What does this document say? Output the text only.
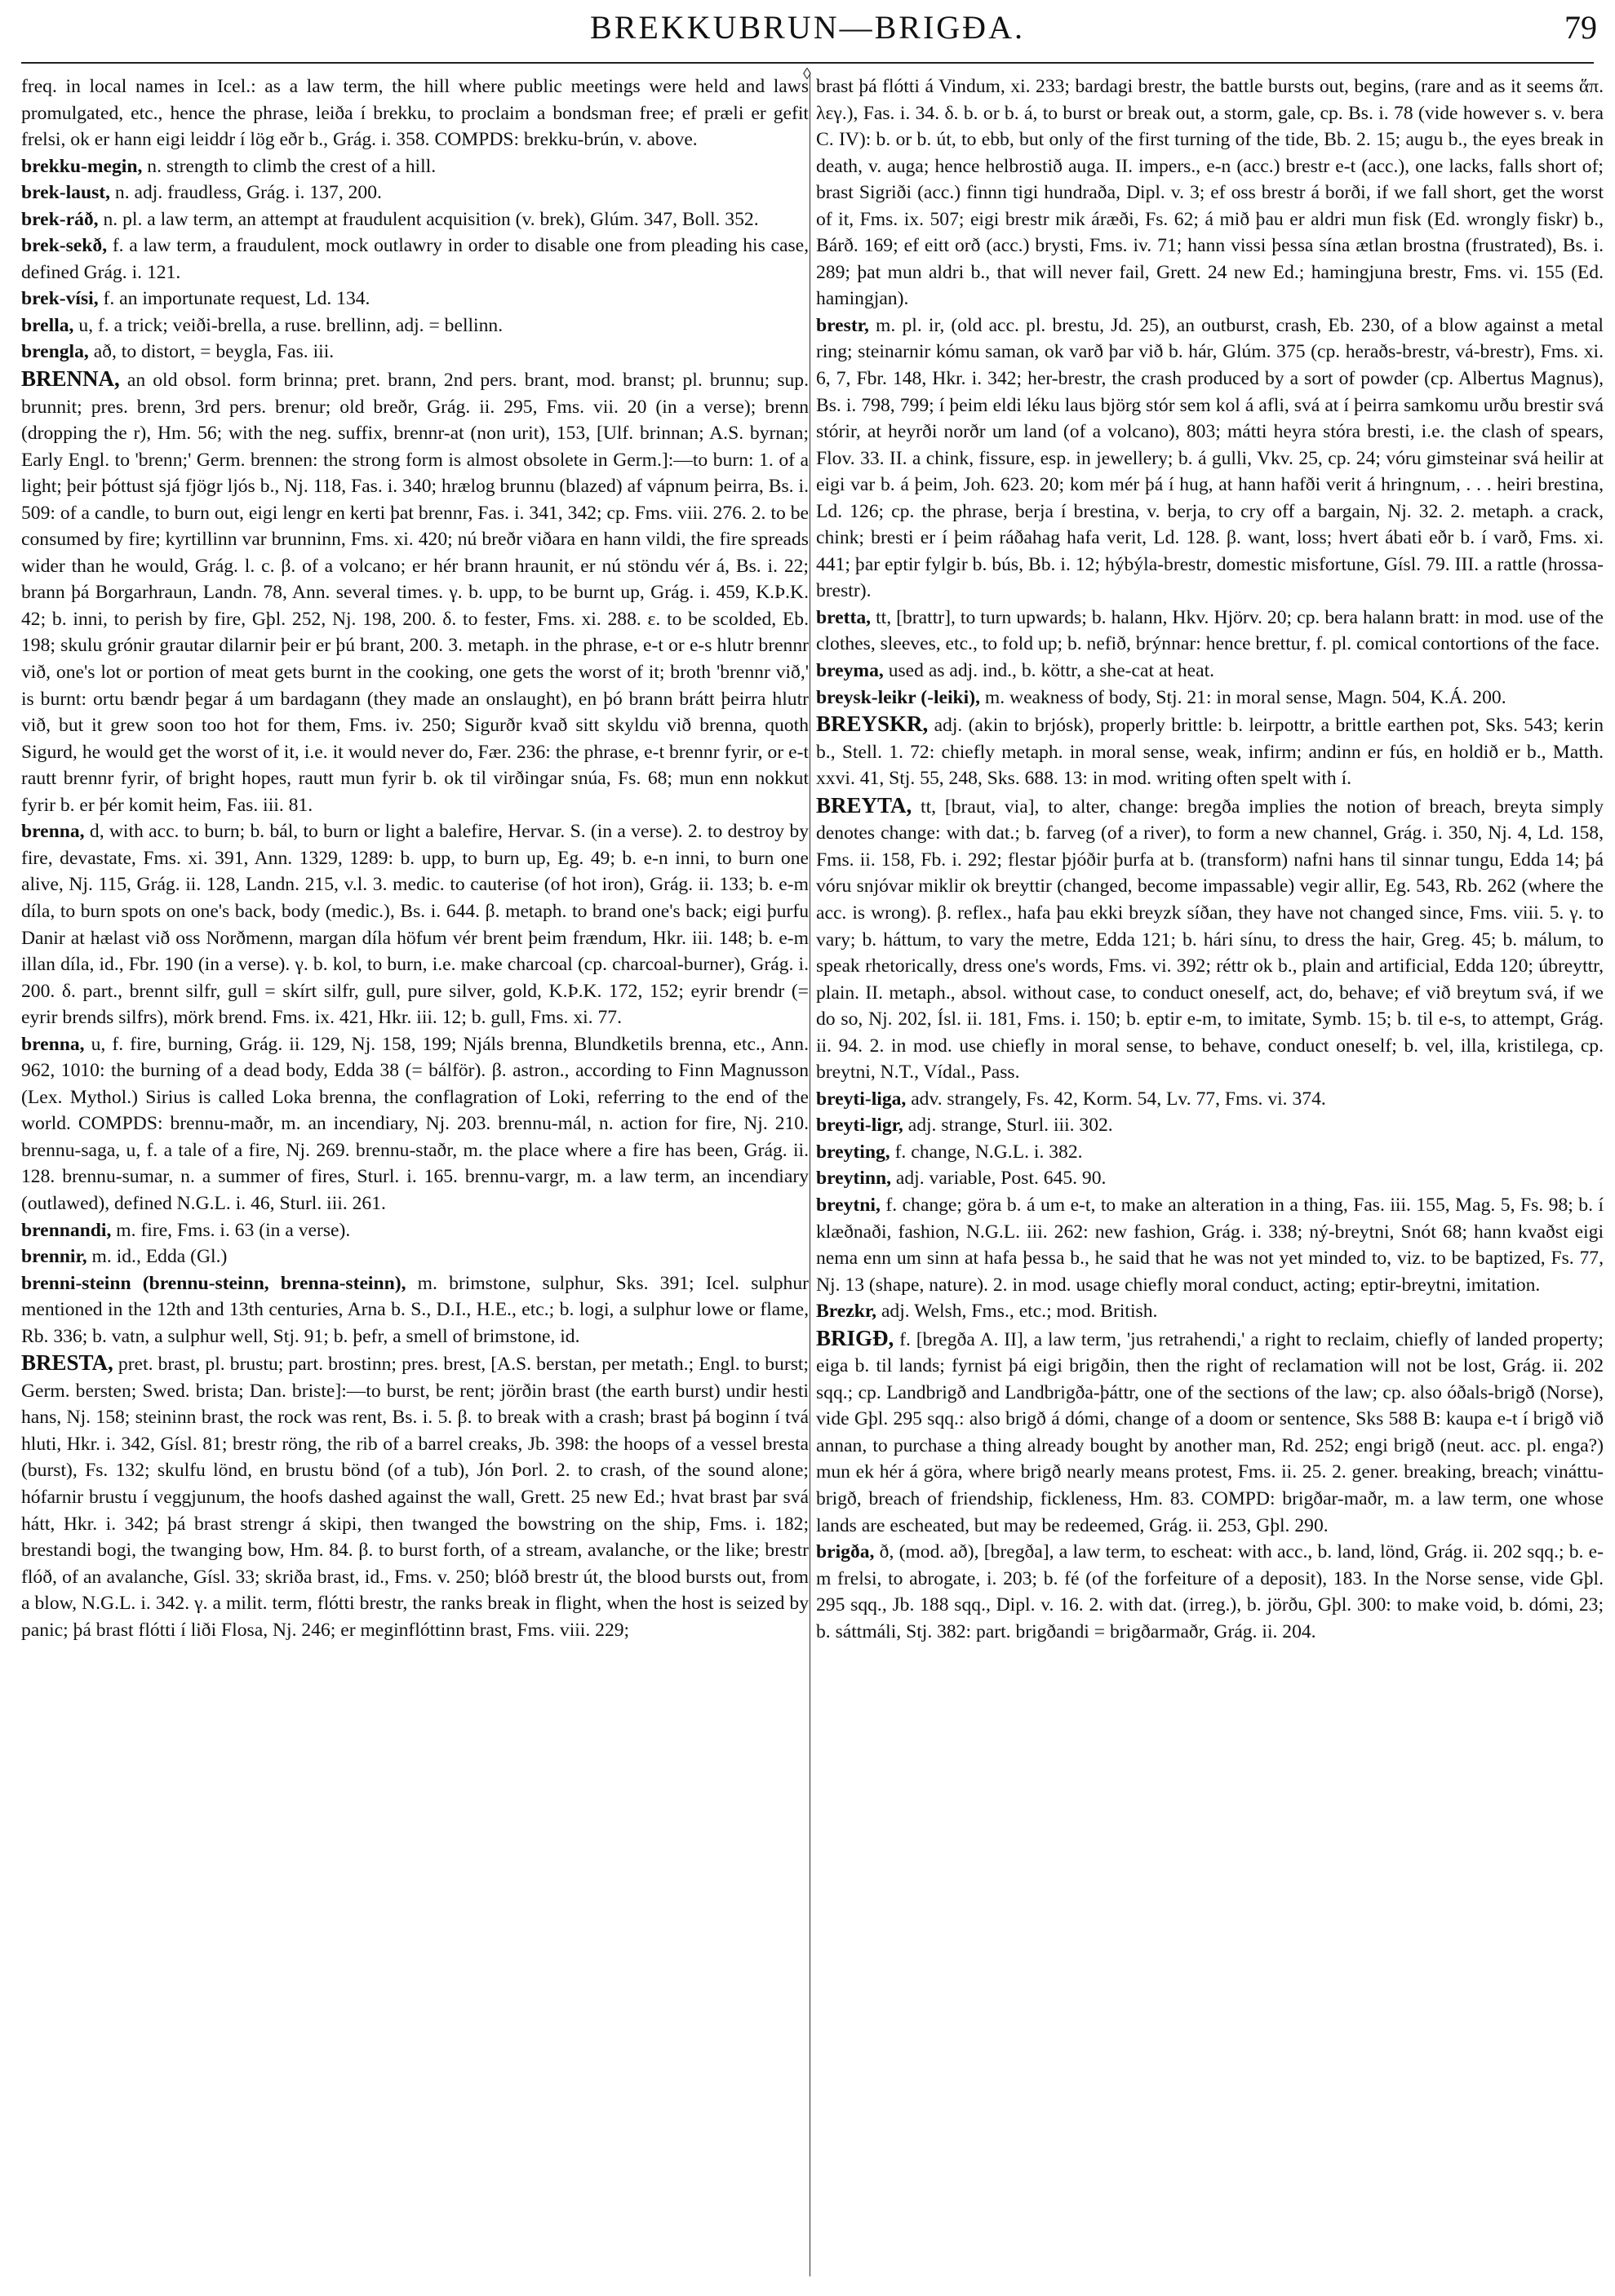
BREKKUBRUN—BRIGÐA.	79

freq. in local names in Icel.: as a law term, the hill where public meetings were held and laws promulgated, etc., hence the phrase, leiða í brekku, to proclaim a bondsman free; ef præli er gefit frelsi, ok er hann eigi leiddr í lög eðr b., Grág. i. 358. COMPDS: brekku-brún, v. above.

brekku-megin, n. strength to climb the crest of a hill.

brek-laust, n. adj. fraudless, Grág. i. 137, 200.

brek-ráð, n. pl. a law term, an attempt at fraudulent acquisition (v. brek), Glúm. 347, Boll. 352.

brek-sekð, f. a law term, a fraudulent, mock outlawry in order to disable one from pleading his case, defined Grág. i. 121.

brek-vísi, f. an importunate request, Ld. 134.

brella, u, f. a trick; veiði-brella, a ruse. brellinn, adj. = bellinn.

brengla, að, to distort, = beygla, Fas. iii.

BRENNA, an old obsol. form brinna; pret. brann, 2nd pers. brant, mod. branst; pl. brunnu; sup. brunnit; pres. brenn, 3rd pers. brenur; old breðr, Grág. ii. 295, Fms. vii. 20 (in a verse); brenn (dropping the r), Hm. 56; with the neg. suffix, brennr-at (non urit), 153, [Ulf. brinnan; A.S. byrnan; Early Engl. to 'brenn;' Germ. brennen: the strong form is almost obsolete in Germ.]:—to burn: 1. of a light; þeir þóttust sjá fjögr ljós b., Nj. 118, Fas. i. 340; hrælog brunnu (blazed) af vápnum þeirra, Bs. i. 509: of a candle, to burn out, eigi lengr en kerti þat brennr, Fas. i. 341, 342; cp. Fms. viii. 276. 2. to be consumed by fire; kyrtillinn var brunninn, Fms. xi. 420; nú breðr viðara en hann vildi, the fire spreads wider than he would, Grág. l. c. β. of a volcano; er hér brann hraunit, er nú stöndu vér á, Bs. i. 22; brann þá Borgarhraun, Landn. 78, Ann. several times. γ. b. upp, to be burnt up, Grág. i. 459, K.Þ.K. 42; b. inni, to perish by fire, Gþl. 252, Nj. 198, 200. δ. to fester, Fms. xi. 288. ε. to be scolded, Eb. 198; skulu grónir grautar dilarnir þeir er þú brant, 200. 3. metaph. in the phrase, e-t or e-s hlutr brennr við, one's lot or portion of meat gets burnt in the cooking, one gets the worst of it; broth 'brennr við,' is burnt: ortu bændr þegar á um bardagann (they made an onslaught), en þó brann brátt þeirra hlutr við, but it grew soon too hot for them, Fms. iv. 250; Sigurðr kvað sitt skyldu við brenna, quoth Sigurd, he would get the worst of it, i.e. it would never do, Fær. 236: the phrase, e-t brennr fyrir, or e-t rautt brennr fyrir, of bright hopes, rautt mun fyrir b. ok til virðingar snúa, Fs. 68; mun enn nokkut fyrir b. er þér komit heim, Fas. iii. 81.

brenna, d, with acc. to burn; b. bál, to burn or light a balefire, Hervar. S. (in a verse). 2. to destroy by fire, devastate, Fms. xi. 391, Ann. 1329, 1289: b. upp, to burn up, Eg. 49; b. e-n inni, to burn one alive, Nj. 115, Grág. ii. 128, Landn. 215, v.l. 3. medic. to cauterise (of hot iron), Grág. ii. 133; b. e-m díla, to burn spots on one's back, body (medic.), Bs. i. 644. β. metaph. to brand one's back; eigi þurfu Danir at hælast við oss Norðmenn, margan díla höfum vér brent þeim frændum, Hkr. iii. 148; b. e-m illan díla, id., Fbr. 190 (in a verse). γ. b. kol, to burn, i.e. make charcoal (cp. charcoal-burner), Grág. i. 200. δ. part., brennt silfr, gull = skírt silfr, gull, pure silver, gold, K.Þ.K. 172, 152; eyrir brendr (= eyrir brends silfrs), mörk brend. Fms. ix. 421, Hkr. iii. 12; b. gull, Fms. xi. 77.

brenna, u, f. fire, burning, Grág. ii. 129, Nj. 158, 199; Njáls brenna, Blundketils brenna, etc., Ann. 962, 1010: the burning of a dead body, Edda 38 (= bálför). β. astron., according to Finn Magnusson (Lex. Mythol.) Sirius is called Loka brenna, the conflagration of Loki, referring to the end of the world. COMPDS: brennu-maðr, m. an incendiary, Nj. 203. brennu-mál, n. action for fire, Nj. 210. brennu-saga, u, f. a tale of a fire, Nj. 269. brennu-staðr, m. the place where a fire has been, Grág. ii. 128. brennu-sumar, n. a summer of fires, Sturl. i. 165. brennu-vargr, m. a law term, an incendiary (outlawed), defined N.G.L. i. 46, Sturl. iii. 261.

brennandi, m. fire, Fms. i. 63 (in a verse).

brennir, m. id., Edda (Gl.)

brenni-steinn (brennu-steinn, brenna-steinn), m. brimstone, sulphur, Sks. 391; Icel. sulphur mentioned in the 12th and 13th centuries, Arna b. S., D.I., H.E., etc.; b. logi, a sulphur lowe or flame, Rb. 336; b. vatn, a sulphur well, Stj. 91; b. þefr, a smell of brimstone, id.

BRESTA, pret. brast, pl. brustu; part. brostinn; pres. brest, [A.S. berstan, per metath.; Engl. to burst; Germ. bersten; Swed. brista; Dan. briste]:—to burst, be rent; jörðin brast (the earth burst) undir hesti hans, Nj. 158; steininn brast, the rock was rent, Bs. i. 5. β. to break with a crash; brast þá boginn í tvá hluti, Hkr. i. 342, Gísl. 81; brestr röng, the rib of a barrel creaks, Jb. 398: the hoops of a vessel bresta (burst), Fs. 132; skulfu lönd, en brustu bönd (of a tub), Jón Þorl. 2. to crash, of the sound alone; hófarnir brustu í veggjunum, the hoofs dashed against the wall, Grett. 25 new Ed.; hvat brast þar svá hátt, Hkr. i. 342; þá brast strengr á skipi, then twanged the bowstring on the ship, Fms. i. 182; brestandi bogi, the twanging bow, Hm. 84. β. to burst forth, of a stream, avalanche, or the like; brestr flóð, of an avalanche, Gísl. 33; skriða brast, id., Fms. v. 250; blóð brestr út, the blood bursts out, from a blow, N.G.L. i. 342. γ. a milit. term, flótti brestr, the ranks break in flight, when the host is seized by panic; þá brast flótti í liði Flosa, Nj. 246; er meginflóttinn brast, Fms. viii. 229;

◊

brast þá flótti á Vindum, xi. 233; bardagi brestr, the battle bursts out, begins, (rare and as it seems ἅπ. λεγ.), Fas. i. 34. δ. b. or b. á, to burst or break out, a storm, gale, cp. Bs. i. 78 (vide however s. v. bera C. IV): b. or b. út, to ebb, but only of the first turning of the tide, Bb. 2. 15; augu b., the eyes break in death, v. auga; hence helbrostið auga. II. impers., e-n (acc.) brestr e-t (acc.), one lacks, falls short of; brast Sigriði (acc.) finnn tigi hundraða, Dipl. v. 3; ef oss brestr á borði, if we fall short, get the worst of it, Fms. ix. 507; eigi brestr mik áræði, Fs. 62; á mið þau er aldri mun fisk (Ed. wrongly fiskr) b., Bárð. 169; ef eitt orð (acc.) brysti, Fms. iv. 71; hann vissi þessa sína ætlan brostna (frustrated), Bs. i. 289; þat mun aldri b., that will never fail, Grett. 24 new Ed.; hamingjuna brestr, Fms. vi. 155 (Ed. hamingjan).

brestr, m. pl. ir, (old acc. pl. brestu, Jd. 25), an outburst, crash, Eb. 230, of a blow against a metal ring; steinarnir kómu saman, ok varð þar við b. hár, Glúm. 375 (cp. heraðs-brestr, vá-brestr), Fms. xi. 6, 7, Fbr. 148, Hkr. i. 342; her-brestr, the crash produced by a sort of powder (cp. Albertus Magnus), Bs. i. 798, 799; í þeim eldi léku laus björg stór sem kol á afli, svá at í þeirra samkomu urðu brestir svá stórir, at heyrði norðr um land (of a volcano), 803; mátti heyra stóra bresti, i.e. the clash of spears, Flov. 33. II. a chink, fissure, esp. in jewellery; b. á gulli, Vkv. 25, cp. 24; vóru gimsteinar svá heilir at eigi var b. á þeim, Joh. 623. 20; kom mér þá í hug, at hann hafði verit á hringnum, . . . heiri brestina, Ld. 126; cp. the phrase, berja í brestina, v. berja, to cry off a bargain, Nj. 32. 2. metaph. a crack, chink; bresti er í þeim ráðahag hafa verit, Ld. 128. β. want, loss; hvert ábati eðr b. í varð, Fms. xi. 441; þar eptir fylgir b. bús, Bb. i. 12; hýbýla-brestr, domestic misfortune, Gísl. 79. III. a rattle (hrossa-brestr).

bretta, tt, [brattr], to turn upwards; b. halann, Hkv. Hjörv. 20; cp. bera halann bratt: in mod. use of the clothes, sleeves, etc., to fold up; b. nefið, brýnnar: hence brettur, f. pl. comical contortions of the face.

breyma, used as adj. ind., b. köttr, a she-cat at heat.

breysk-leikr (-leiki), m. weakness of body, Stj. 21: in moral sense, Magn. 504, K.Á. 200.

BREYSKR, adj. (akin to brjósk), properly brittle: b. leirpottr, a brittle earthen pot, Sks. 543; kerin b., Stell. 1. 72: chiefly metaph. in moral sense, weak, infirm; andinn er fús, en holdið er b., Matth. xxvi. 41, Stj. 55, 248, Sks. 688. 13: in mod. writing often spelt with í.

BREYTA, tt, [braut, via], to alter, change: bregða implies the notion of breach, breyta simply denotes change: with dat.; b. farveg (of a river), to form a new channel, Grág. i. 350, Nj. 4, Ld. 158, Fms. ii. 158, Fb. i. 292; flestar þjóðir þurfa at b. (transform) nafni hans til sinnar tungu, Edda 14; þá vóru snjóvar miklir ok breyttir (changed, become impassable) vegir allir, Eg. 543, Rb. 262 (where the acc. is wrong). β. reflex., hafa þau ekki breyzk síðan, they have not changed since, Fms. viii. 5. γ. to vary; b. háttum, to vary the metre, Edda 121; b. hári sínu, to dress the hair, Greg. 45; b. málum, to speak rhetorically, dress one's words, Fms. vi. 392; réttr ok b., plain and artificial, Edda 120; úbreyttr, plain. II. metaph., absol. without case, to conduct oneself, act, do, behave; ef við breytum svá, if we do so, Nj. 202, Ísl. ii. 181, Fms. i. 150; b. eptir e-m, to imitate, Symb. 15; b. til e-s, to attempt, Grág. ii. 94. 2. in mod. use chiefly in moral sense, to behave, conduct oneself; b. vel, illa, kristilega, cp. breytni, N.T., Vídal., Pass.

breyti-liga, adv. strangely, Fs. 42, Korm. 54, Lv. 77, Fms. vi. 374.

breyti-ligr, adj. strange, Sturl. iii. 302.

breyting, f. change, N.G.L. i. 382.

breytinn, adj. variable, Post. 645. 90.

breytni, f. change; göra b. á um e-t, to make an alteration in a thing, Fas. iii. 155, Mag. 5, Fs. 98; b. í klæðnaði, fashion, N.G.L. iii. 262: new fashion, Grág. i. 338; ný-breytni, Snót 68; hann kvaðst eigi nema enn um sinn at hafa þessa b., he said that he was not yet minded to, viz. to be baptized, Fs. 77, Nj. 13 (shape, nature). 2. in mod. usage chiefly moral conduct, acting; eptir-breytni, imitation.

Brezkr, adj. Welsh, Fms., etc.; mod. British.

BRIGÐ, f. [bregða A. II], a law term, 'jus retrahendi,' a right to reclaim, chiefly of landed property; eiga b. til lands; fyrnist þá eigi brigðin, then the right of reclamation will not be lost, Grág. ii. 202 sqq.; cp. Landbrigð and Landbrigða-þáttr, one of the sections of the law; cp. also óðals-brigð (Norse), vide Gþl. 295 sqq.: also brigð á dómi, change of a doom or sentence, Sks 588 B: kaupa e-t í brigð við annan, to purchase a thing already bought by another man, Rd. 252; engi brigð (neut. acc. pl. enga?) mun ek hér á göra, where brigð nearly means protest, Fms. ii. 25. 2. gener. breaking, breach; vináttu-brigð, breach of friendship, fickleness, Hm. 83. COMPD: brigðar-maðr, m. a law term, one whose lands are escheated, but may be redeemed, Grág. ii. 253, Gþl. 290.

brigða, ð, (mod. að), [bregða], a law term, to escheat: with acc., b. land, lönd, Grág. ii. 202 sqq.; b. e-m frelsi, to abrogate, i. 203; b. fé (of the forfeiture of a deposit), 183. In the Norse sense, vide Gþl. 295 sqq., Jb. 188 sqq., Dipl. v. 16. 2. with dat. (irreg.), b. jörðu, Gþl. 300: to make void, b. dómi, 23; b. sáttmáli, Stj. 382: part. brigðandi = brigðarmaðr, Grág. ii. 204.
